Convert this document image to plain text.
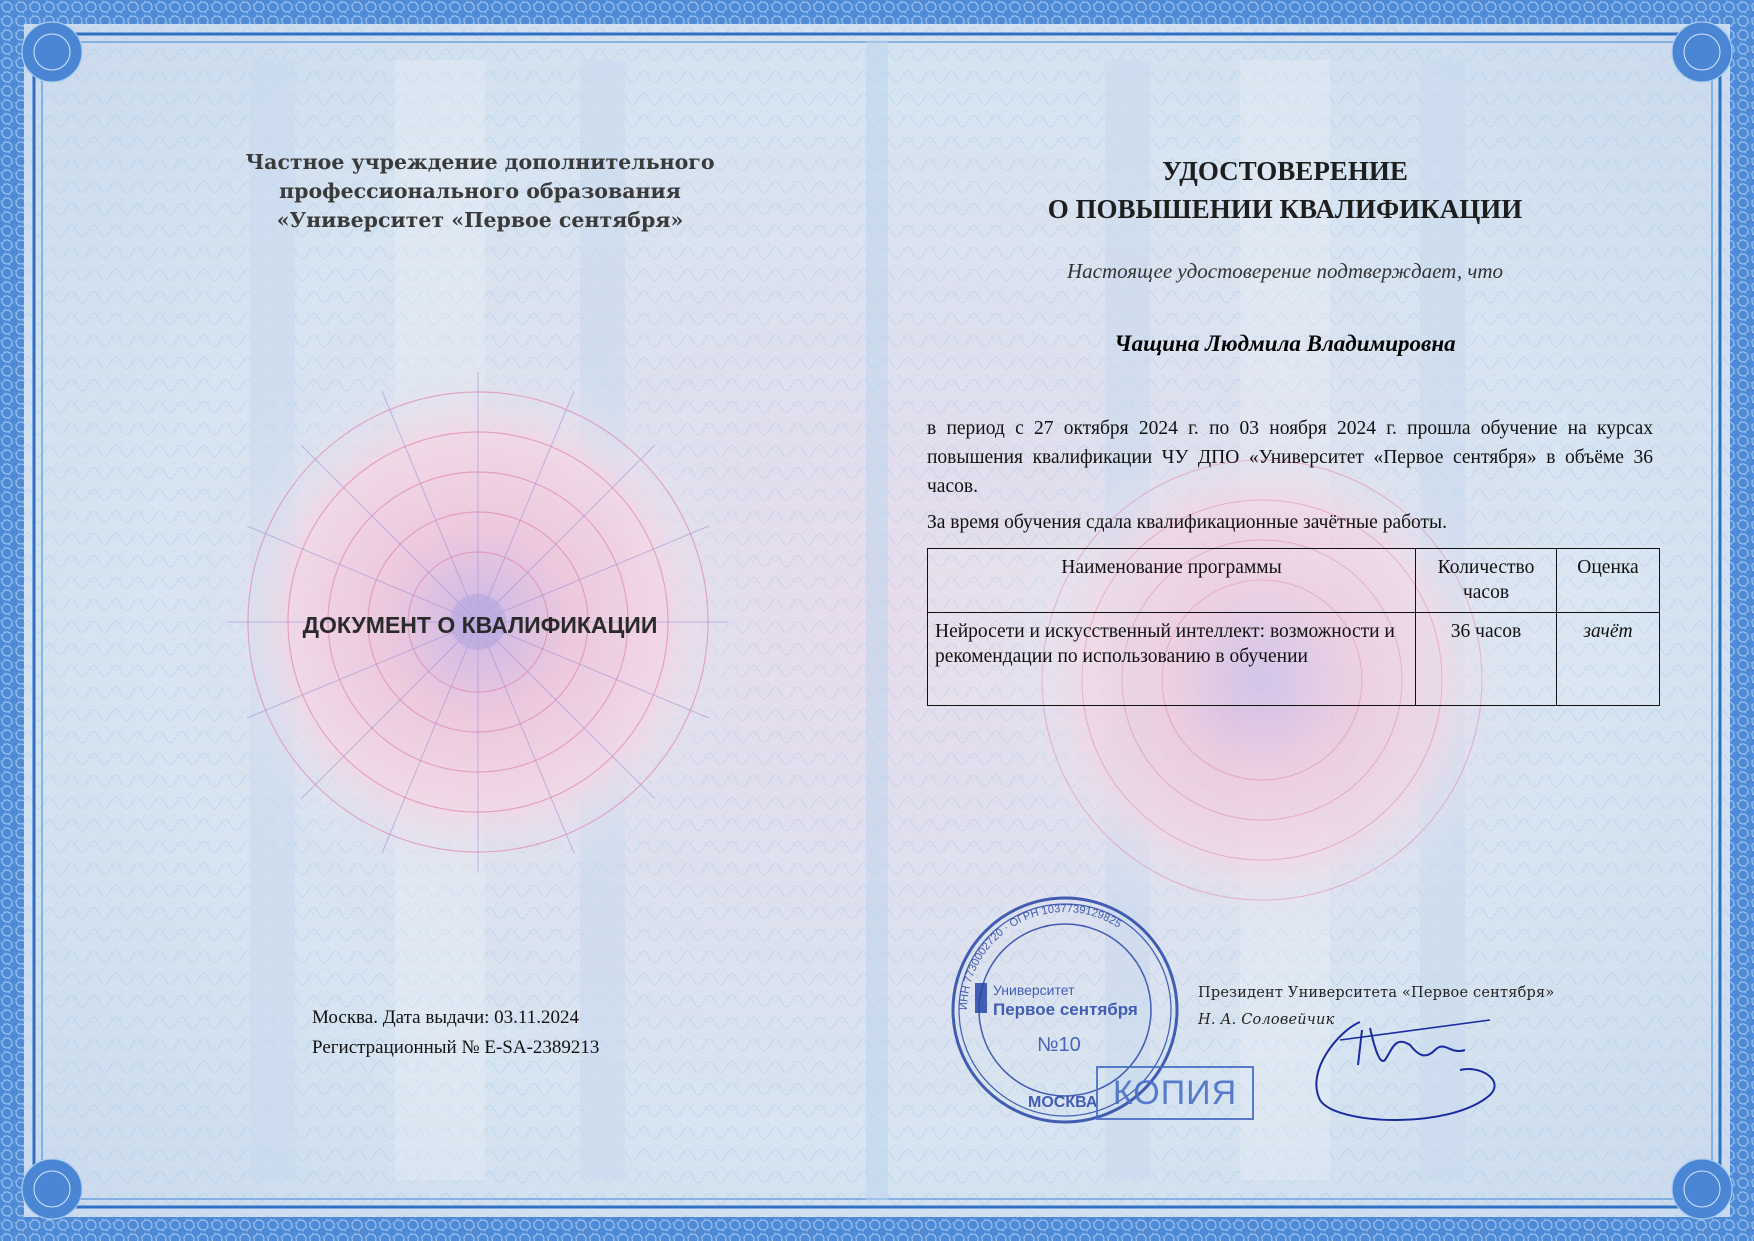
Частное учреждение дополнительного
профессионального образования
«Университет «Первое сентября»
ДОКУМЕНТ О КВАЛИФИКАЦИИ
Москва. Дата выдачи: 03.11.2024
Регистрационный № E-SA-2389213
УДОСТОВЕРЕНИЕ
О ПОВЫШЕНИИ КВАЛИФИКАЦИИ
Настоящее удостоверение подтверждает, что
Чащина Людмила Владимировна
в период с 27 октября 2024 г. по 03 ноября 2024 г. прошла обучение на курсах повышения квалификации ЧУ ДПО «Университет «Первое сентября» в объёме 36 часов.
За время обучения сдала квалификационные зачётные работы.
Наименование программы	Количество часов	Оценка
Нейросети и искусственный интеллект: возможности и рекомендации по использованию в обучении	36 часов	зачёт
Президент Университета «Первое сентября»
Н. А. Соловейчик
ИНН 7730002720 · ОГРН 1037739129825
Университет
Первое сентября
№10
МОСКВА КОПИЯ
